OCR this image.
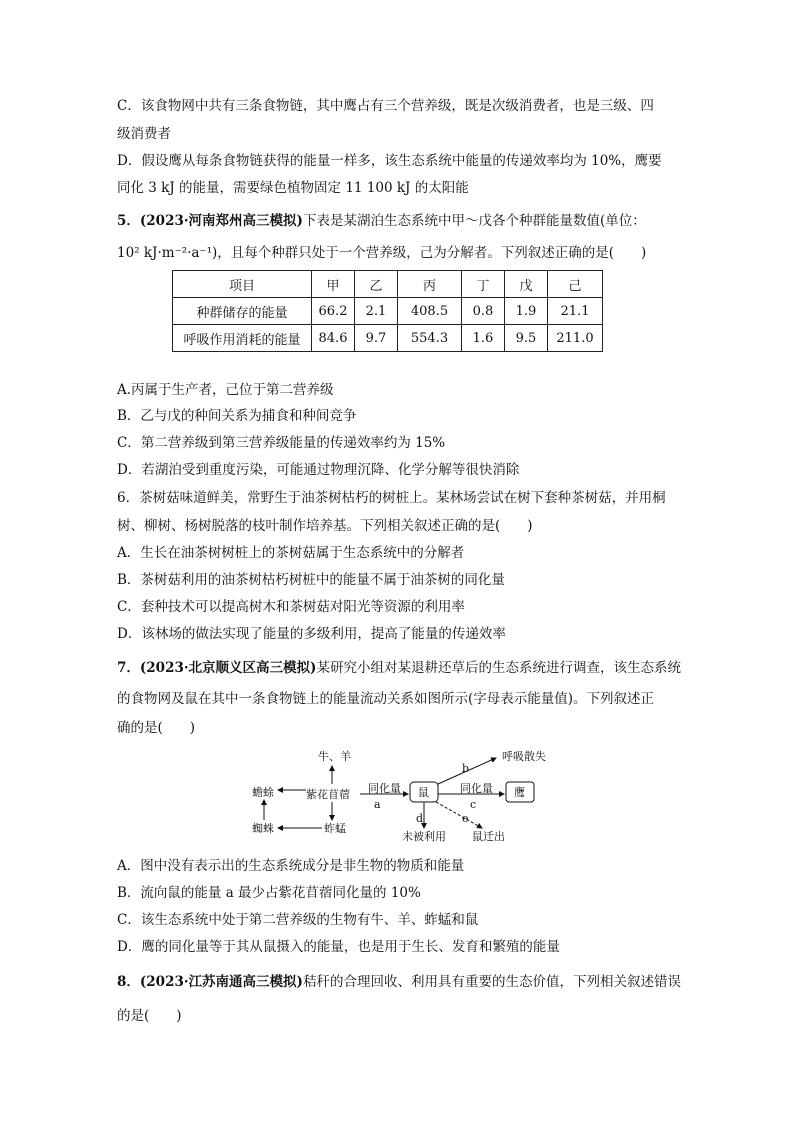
C．该食物网中共有三条食物链，其中鹰占有三个营养级，既是次级消费者，也是三级、四
级消费者
D．假设鹰从每条食物链获得的能量一样多，该生态系统中能量的传递效率均为 10%，鹰要
同化 3 kJ 的能量，需要绿色植物固定 11 100 kJ 的太阳能
5．(2023·河南郑州高三模拟)下表是某湖泊生态系统中甲～戊各个种群能量数值(单位：
10² kJ·m⁻²·a⁻¹)，且每个种群只处于一个营养级，己为分解者。下列叙述正确的是(　　)
项目	甲	乙	丙	丁	戊	己
种群储存的能量	66.2	2.1	408.5	0.8	1.9	21.1
呼吸作用消耗的能量	84.6	9.7	554.3	1.6	9.5	211.0
A.丙属于生产者，己位于第二营养级
B．乙与戊的种间关系为捕食和种间竞争
C．第二营养级到第三营养级能量的传递效率约为 15%
D．若湖泊受到重度污染，可能通过物理沉降、化学分解等很快消除
6．茶树菇味道鲜美，常野生于油茶树枯朽的树桩上。某林场尝试在树下套种茶树菇，并用桐
树、柳树、杨树脱落的枝叶制作培养基。下列相关叙述正确的是(　　)
A．生长在油茶树树桩上的茶树菇属于生态系统中的分解者
B．茶树菇利用的油茶树枯朽树桩中的能量不属于油茶树的同化量
C．套种技术可以提高树木和茶树菇对阳光等资源的利用率
D．该林场的做法实现了能量的多级利用，提高了能量的传递效率
7．(2023·北京顺义区高三模拟)某研究小组对某退耕还草后的生态系统进行调查，该生态系统
的食物网及鼠在其中一条食物链上的能量流动关系如图所示(字母表示能量值)。下列叙述正
确的是(　　)
牛、羊
蟾蜍
蜘蛛
紫花苜蓿
蚱蜢
同化量
a
鼠
b
呼吸散失
同化量
c
鹰
d	e
未被利用 鼠迁出
A．图中没有表示出的生态系统成分是非生物的物质和能量
B．流向鼠的能量 a 最少占紫花苜蓿同化量的 10%
C．该生态系统中处于第二营养级的生物有牛、羊、蚱蜢和鼠
D．鹰的同化量等于其从鼠摄入的能量，也是用于生长、发育和繁殖的能量
8．(2023·江苏南通高三模拟)秸秆的合理回收、利用具有重要的生态价值，下列相关叙述错误
的是(　　)
